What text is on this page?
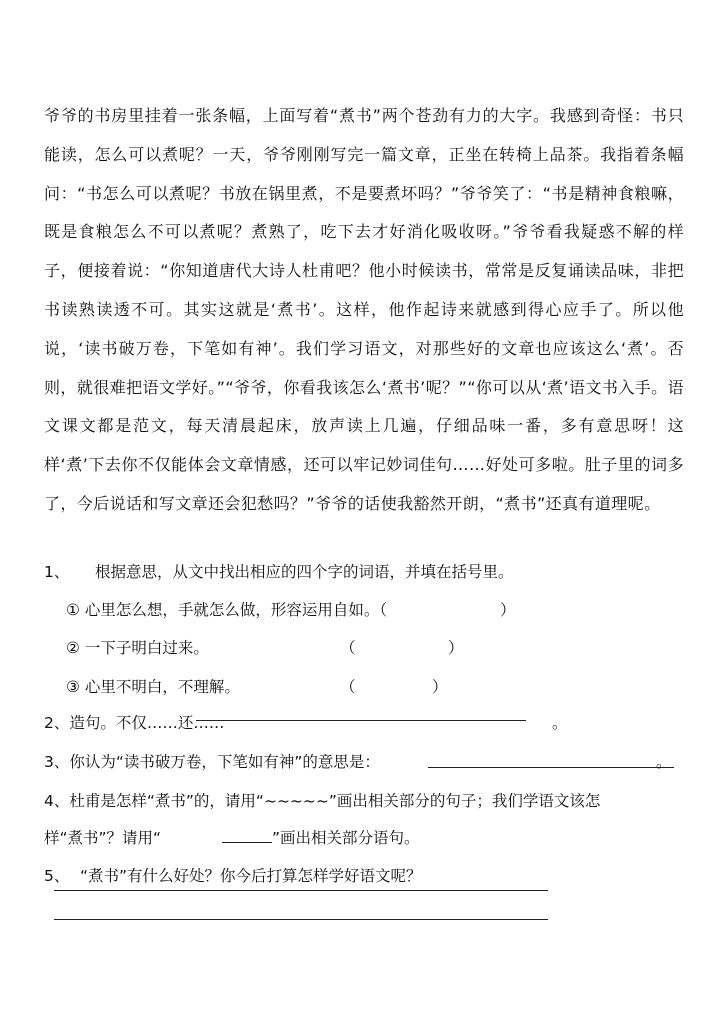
爷爷的书房里挂着一张条幅，上面写着“煮书”两个苍劲有力的大字。我感到奇怪：书只能读，怎么可以煮呢？一天，爷爷刚刚写完一篇文章，正坐在转椅上品茶。我指着条幅问：“书怎么可以煮呢？书放在锅里煮，不是要煮坏吗？”爷爷笑了：“书是精神食粮嘛，既是食粮怎么不可以煮呢？煮熟了，吃下去才好消化吸收呀。”爷爷看我疑惑不解的样子，便接着说：“你知道唐代大诗人杜甫吧？他小时候读书，常常是反复诵读品味，非把书读熟读透不可。其实这就是‘煮书’。这样，他作起诗来就感到得心应手了。所以他说，‘读书破万卷，下笔如有神’。我们学习语文，对那些好的文章也应该这么‘煮’。否则，就很难把语文学好。”“爷爷，你看我该怎么‘煮书’呢？”“你可以从‘煮’语文书入手。语文课文都是范文，每天清晨起床，放声读上几遍，仔细品味一番，多有意思呀！这样‘煮’下去你不仅能体会文章情感，还可以牢记妙词佳句……好处可多啦。肚子里的词多了，今后说话和写文章还会犯愁吗？”爷爷的话使我豁然开朗，“煮书”还真有道理呢。

1、 根据意思，从文中找出相应的四个字的词语，并填在括号里。
① 心里怎么想，手就怎么做，形容运用自如。（	）
② 一下子明白过来。	（	）
③ 心里不明白，不理解。	（	）
2、造句。不仅……还……	。
3、你认为“读书破万卷，下笔如有神”的意思是：	。
4、杜甫是怎样“煮书”的，请用“~~~~~”画出相关部分的句子；我们学语文该怎
样“煮书”？请用“	”画出相关部分语句。
5、 “煮书”有什么好处？你今后打算怎样学好语文呢？
